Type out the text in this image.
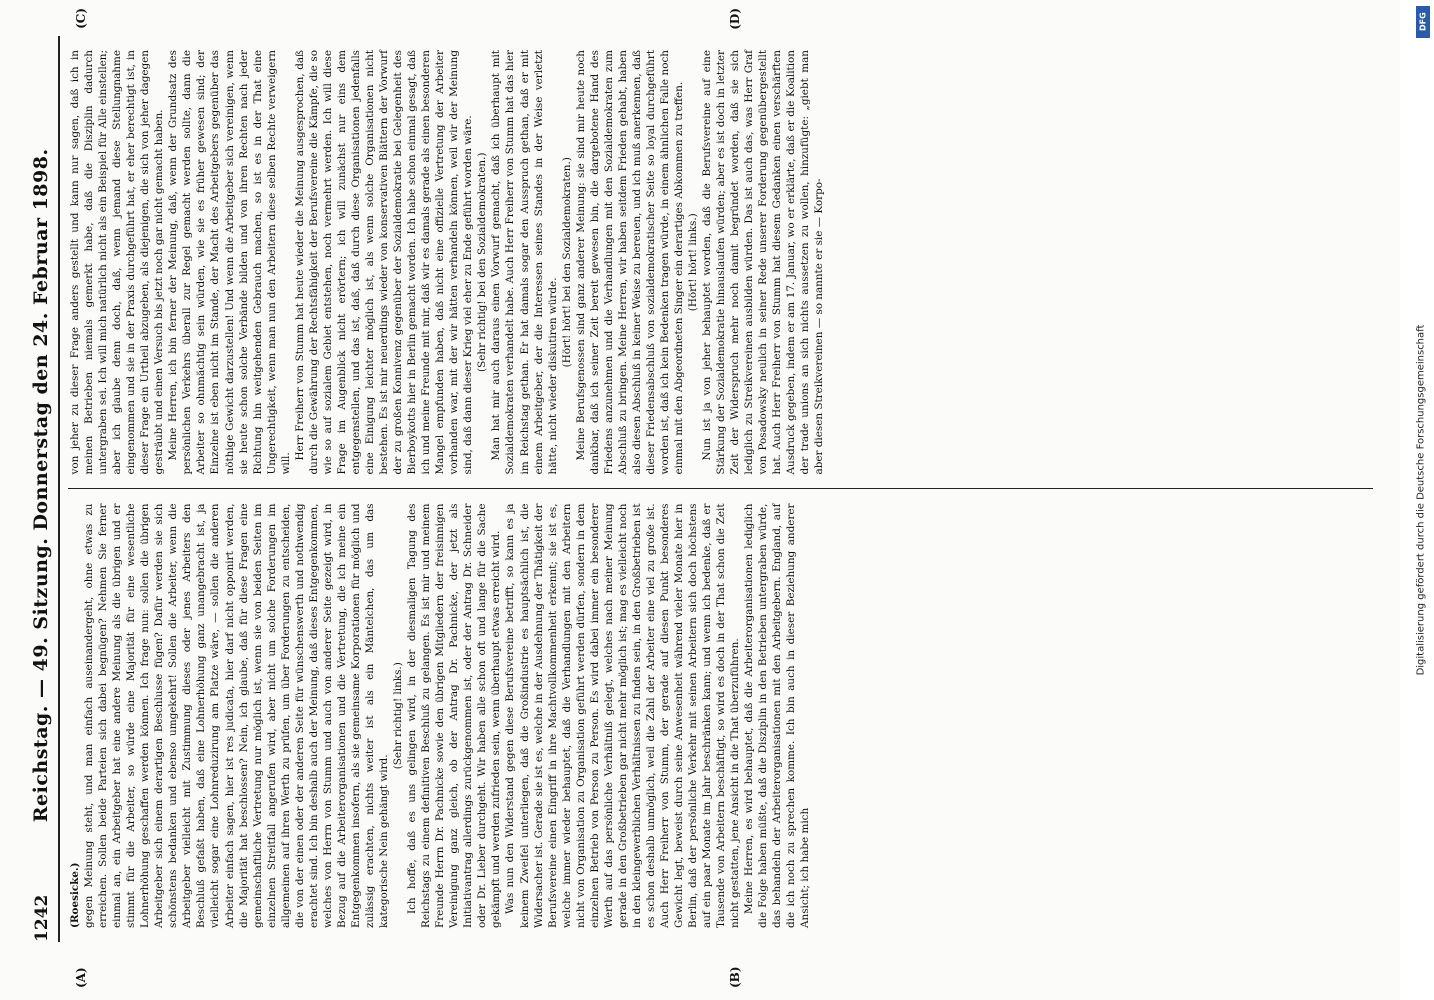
1242
Reichstag. — 49. Sitzung. Donnerstag den 24. Februar 1898.
(A)	(B)

(Roesicke.) gegen Meinung steht, und man einfach auseinandergeht, ohne etwas zu erreichen. Sollen beide Parteien sich dabei begnügen? Nehmen Sie ferner einmal an, ein Arbeitgeber hat eine andere Meinung als die übrigen und er stimmt für die Arbeiter, so würde eine Majorität für eine wesentliche Lohnerhöhung geschaffen werden können. Ich frage nun: sollen die übrigen Arbeitgeber sich einem derartigen Beschlusse fügen? Dafür werden sie sich schönstens bedanken und ebenso umgekehrt! Sollen die Arbeiter, wenn die Arbeitgeber vielleicht mit Zustimmung dieses oder jenes Arbeiters den Beschluß gefaßt haben, daß eine Lohnerhöhung ganz unangebracht ist, ja vielleicht sogar eine Lohnreduzirung am Platze wäre, — sollen die anderen Arbeiter einfach sagen, hier ist res judicata, hier darf nicht opponirt werden, die Majorität hat beschlossen? Nein, ich glaube, daß für diese Fragen eine gemeinschaftliche Vertretung nur möglich ist, wenn sie von beiden Seiten im einzelnen Streitfall angerufen wird, aber nicht um solche Forderungen im allgemeinen auf ihren Werth zu prüfen, um über Forderungen zu entscheiden, die von der einen oder der anderen Seite für wünschenswerth und nothwendig erachtet sind. Ich bin deshalb auch der Meinung, daß dieses Entgegenkommen, welches von Herrn von Stumm und auch von anderer Seite gezeigt wird, in Bezug auf die Arbeiterorganisationen und die Vertretung, die ich meine ein Entgegenkommen insofern, als sie gemeinsame Korporationen für möglich und zulässig erachten, nichts weiter ist als ein Mäntelchen, das um das kategorische Nein gehängt wird.

(Sehr richtig! links.) Ich hoffe, daß es uns gelingen wird, in der diesmaligen Tagung des Reichstags zu einem definitiven Beschluß zu gelangen. Es ist mir und meinem Freunde Herrn Dr. Pachnicke sowie den übrigen Mitgliedern der freisinnigen Vereinigung ganz gleich, ob der Antrag Dr. Pachnicke, der jetzt als Initiativantrag allerdings zurückgenommen ist, oder der Antrag Dr. Schneider oder Dr. Lieber durchgeht. Wir haben alle schon oft und lange für die Sache gekämpft und werden zufrieden sein, wenn überhaupt etwas erreicht wird. Was nun den Widerstand gegen diese Berufsvereine betrifft, so kann es ja keinem Zweifel unterliegen, daß die Großindustrie es hauptsächlich ist, die Widersacher ist. Gerade sie ist es, welche in der Ausdehnung der Thätigkeit der Berufsvereine einen Eingriff in ihre Machtvollkommenheit erkennt; sie ist es, welche immer wieder behauptet, daß die Verhandlungen mit den Arbeitern nicht von Organisation zu Organisation geführt werden dürfen, sondern in dem einzelnen Betrieb von Person zu Person. Es wird dabei immer ein besonderer Werth auf das persönliche Verhältniß gelegt, welches nach meiner Meinung gerade in den Großbetrieben gar nicht mehr möglich ist; mag es vielleicht noch in den kleingewerblichen Verhältnissen zu finden sein, in den Großbetrieben ist es schon deshalb unmöglich, weil die Zahl der Arbeiter eine viel zu große ist. Auch Herr Freiherr von Stumm, der gerade auf diesen Punkt besonderes Gewicht legt, beweist durch seine Anwesenheit während vieler Monate hier in Berlin, daß der persönliche Verkehr mit seinen Arbeitern sich doch höchstens auf ein paar Monate im Jahr beschränken kann; und wenn ich bedenke, daß er Tausende von Arbeitern beschäftigt, so wird es doch in der That schon die Zeit nicht gestatten, jene Ansicht in die That überzuführen. Meine Herren, es wird behauptet, daß die Arbeiterorganisationen lediglich die Folge haben müßte, daß die Disziplin in den Betrieben untergraben würde, das behandeln der Arbeiterorganisationen mit den Arbeitgebern. England, auf die ich noch zu sprechen komme. Ich bin auch in dieser Beziehung anderer Ansicht; ich habe mich

(C)	(D)

von jeher zu dieser Frage anders gestellt und kann nur sagen, daß ich in meinen Betrieben niemals gemerkt habe, daß die Disziplin dadurch untergraben sei. Ich will mich natürlich nicht als ein Beispiel für Alle einstellen; aber ich glaube denn doch, daß, wenn jemand diese Stellungnahme eingenommen und sie in der Praxis durchgeführt hat, er eher berechtigt ist, in dieser Frage ein Urtheil abzugeben, als diejenigen, die sich von jeher dagegen gesträubt und einen Versuch bis jetzt noch gar nicht gemacht haben. Meine Herren, ich bin ferner der Meinung, daß, wenn der Grundsatz des persönlichen Verkehrs überall zur Regel gemacht werden sollte, dann die Arbeiter so ohnmächtig sein würden, wie sie es früher gewesen sind; der Einzelne ist eben nicht im Stande, der Macht des Arbeitgebers gegenüber das nöthige Gewicht darzustellen! Und wenn die Arbeitgeber sich vereinigen, wenn sie heute schon solche Verbände bilden und von ihren Rechten nach jeder Richtung hin weitgehenden Gebrauch machen, so ist es in der That eine Ungerechtigkeit, wenn man nun den Arbeitern diese selben Rechte verweigern will.

Herr Freiherr von Stumm hat heute wieder die Meinung ausgesprochen, daß durch die Gewährung der Rechtsfähigkeit der Berufsvereine die Kämpfe, die so wie so auf sozialem Gebiet entstehen, noch vermehrt werden. Ich will diese Frage im Augenblick nicht erörtern; ich will zunächst nur eins dem entgegenstellen, und das ist, daß, daß durch diese Organisationen jedenfalls eine Einigung leichter möglich ist, als wenn solche Organisationen nicht bestehen. Es ist mir neuerdings wieder von konservativen Blättern der Vorwurf der zu großen Konnivenz gegenüber der Sozialdemokratie bei Gelegenheit des Bierboykotts hier in Berlin gemacht worden. Ich habe schon einmal gesagt, daß ich und meine Freunde mit mir, daß wir es damals gerade als einen besonderen Mangel empfunden haben, daß nicht eine offizielle Vertretung der Arbeiter vorhanden war, mit der wir hätten verhandeln können, weil wir der Meinung sind, daß dann dieser Krieg viel eher zu Ende geführt worden wäre. (Sehr richtig! bei den Sozialdemokraten.) Man hat mir auch daraus einen Vorwurf gemacht, daß ich überhaupt mit Sozialdemokraten verhandelt habe. Auch Herr Freiherr von Stumm hat das hier im Reichstag gethan. Er hat damals sogar den Ausspruch gethan, daß er mit einem Arbeitgeber, der die Interessen seines Standes in der Weise verletzt hätte, nicht wieder diskutiren würde.

(Hört! hört! bei den Sozialdemokraten.) Meine Berufsgenossen sind ganz anderer Meinung: sie sind mir heute noch dankbar, daß ich seiner Zeit bereit gewesen bin, die dargebotene Hand des Friedens anzunehmen und die Verhandlungen mit den Sozialdemokraten zum Abschluß zu bringen. Meine Herren, wir haben seitdem Frieden gehabt, haben also diesen Abschluß in keiner Weise zu bereuen, und ich muß anerkennen, daß dieser Friedensabschluß von sozialdemokratischer Seite so loyal durchgeführt worden ist, daß ich kein Bedenken tragen würde, in einem ähnlichen Falle noch einmal mit den Abgeordneten Singer ein derartiges Abkommen zu treffen. (Hört! hört! links.) Nun ist ja von jeher behauptet worden, daß die Berufsvereine auf eine Stärkung der Sozialdemokratie hinauslaufen würden; aber es ist doch in letzter Zeit der Widerspruch mehr noch damit begründet worden, daß sie sich lediglich zu Streikvereinen ausbilden würden. Das ist auch das, was Herr Graf von Posadowsky neulich in seiner Rede unserer Forderung gegenübergestellt hat. Auch Herr Freiherr von Stumm hat diesem Gedanken einen verschärften Ausdruck gegeben, indem er am 17. Januar, wo er erklärte, daß er die Koalition der trade unions an sich nichts aussetzen zu wollen, hinzufügte: „giebt man aber diesen Streikvereinen — so nannte er sie — Korpo-

DFG
Digitalisierung gefördert durch die Deutsche Forschungsgemeinschaft
